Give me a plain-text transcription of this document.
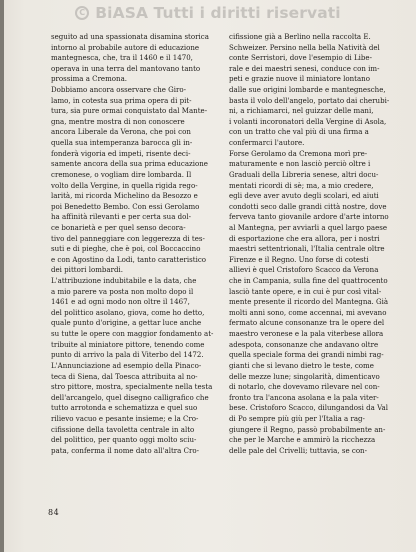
C BiASA Tutti i diritti riservati
seguito ad una spassionata disamina storica
intorno al probabile autore di educazione
mantegnesca, che, tra il 1460 e il 1470,
operava in una terra del mantovano tanto
prossima a Cremona.
Dobbiamo ancora osservare che Giro-
lamo, in cotesta sua prima opera di pit-
tura, sia pure ormai conquistato dal Mante-
gna, mentre mostra di non conoscere
ancora Liberale da Verona, che poi con
quella sua intemperanza barocca gli in-
fonderà vigoria ed impeti, risente deci-
samente ancora della sua prima educazione
cremonese, o vogliam dire lombarda. Il
volto della Vergine, in quella rigida rego-
larità, mi ricorda Michelino da Besozzo e
poi Benedetto Bembo. Con essi Gerolamo
ha affinità rilevanti e per certa sua dol-
ce bonarietà e per quel senso decora-
tivo del panneggiare con leggerezza di tes-
suti e di pieghe, che è poi, col Boccaccino
e con Agostino da Lodi, tanto caratteristico
dei pittori lombardi.
L'attribuzione indubitabile e la data, che
a mio parere va posta non molto dopo il
1461 e ad ogni modo non oltre il 1467,
del polittico asolano, giova, come ho detto,
quale punto d'origine, a gettar luce anche
su tutte le opere con maggior fondamento at-
tribuite al miniatore pittore, tenendo come
punto di arrivo la pala di Viterbo del 1472.
L'Annunciazione ad esempio della Pinaco-
teca di Siena, dal Toesca attribuita al no-
stro pittore, mostra, specialmente nella testa
dell'arcangelo, quel disegno calligrafico che
tutto arrotonda e schematizza e quel suo
rilievo vacuo e pesante insieme; e la Cro-
cifissione della tavoletta centrale in alto
del polittico, per quanto oggi molto sciu-
pata, conferma il nome dato all'altra Cro-
cifissione già a Berlino nella raccolta E.
Schweizer. Persino nella bella Natività del
conte Serristori, dove l'esempio di Libe-
rale e dei maestri senesi, conduce con im-
peti e grazie nuove il miniatore lontano
dalle sue origini lombarde e mantegnesche,
basta il volo dell'angelo, portato dai cherubi-
ni, a richiamarci, nel guizzar delle mani,
i volanti incoronatori della Vergine di Asola,
con un tratto che val più di una firma a
confermarci l'autore.
Forse Gerolamo da Cremona morì pre-
maturamente e non lasciò perciò oltre i
Graduali della Libreria senese, altri docu-
mentati ricordi di sè; ma, a mio credere,
egli deve aver avuto degli scolari, ed aiuti
condotti seco dalle grandi città nostre, dove
ferveva tanto giovanile ardore d'arte intorno
al Mantegna, per avviarli a quel largo paese
di esportazione che era allora, per i nostri
maestri settentrionali, l'Italia centrale oltre
Firenze e il Regno. Uno forse di cotesti
allievi è quel Cristoforo Scacco da Verona
che in Campania, sulla fine del quattrocento
lasciò tante opere, e in cui è pur così vital-
mente presente il ricordo del Mantegna. Già
molti anni sono, come accennai, mi avevano
fermato alcune consonanze tra le opere del
maestro veronese e la pala viterbese allora
adespota, consonanze che andavano oltre
quella speciale forma dei grandi nimbi rag-
gianti che si levano dietro le teste, come
delle mezze lune; singolarità, dimenticavo
di notarlo, che dovevamo rilevare nel con-
fronto tra l'ancona asolana e la pala viter-
bese. Cristoforo Scacco, dilungandosi da Val
di Po sempre più giù per l'Italia a rag-
giungere il Regno, passò probabilmente an-
che per le Marche e ammirò la ricchezza
delle pale del Crivelli; tuttavia, se con-
84
